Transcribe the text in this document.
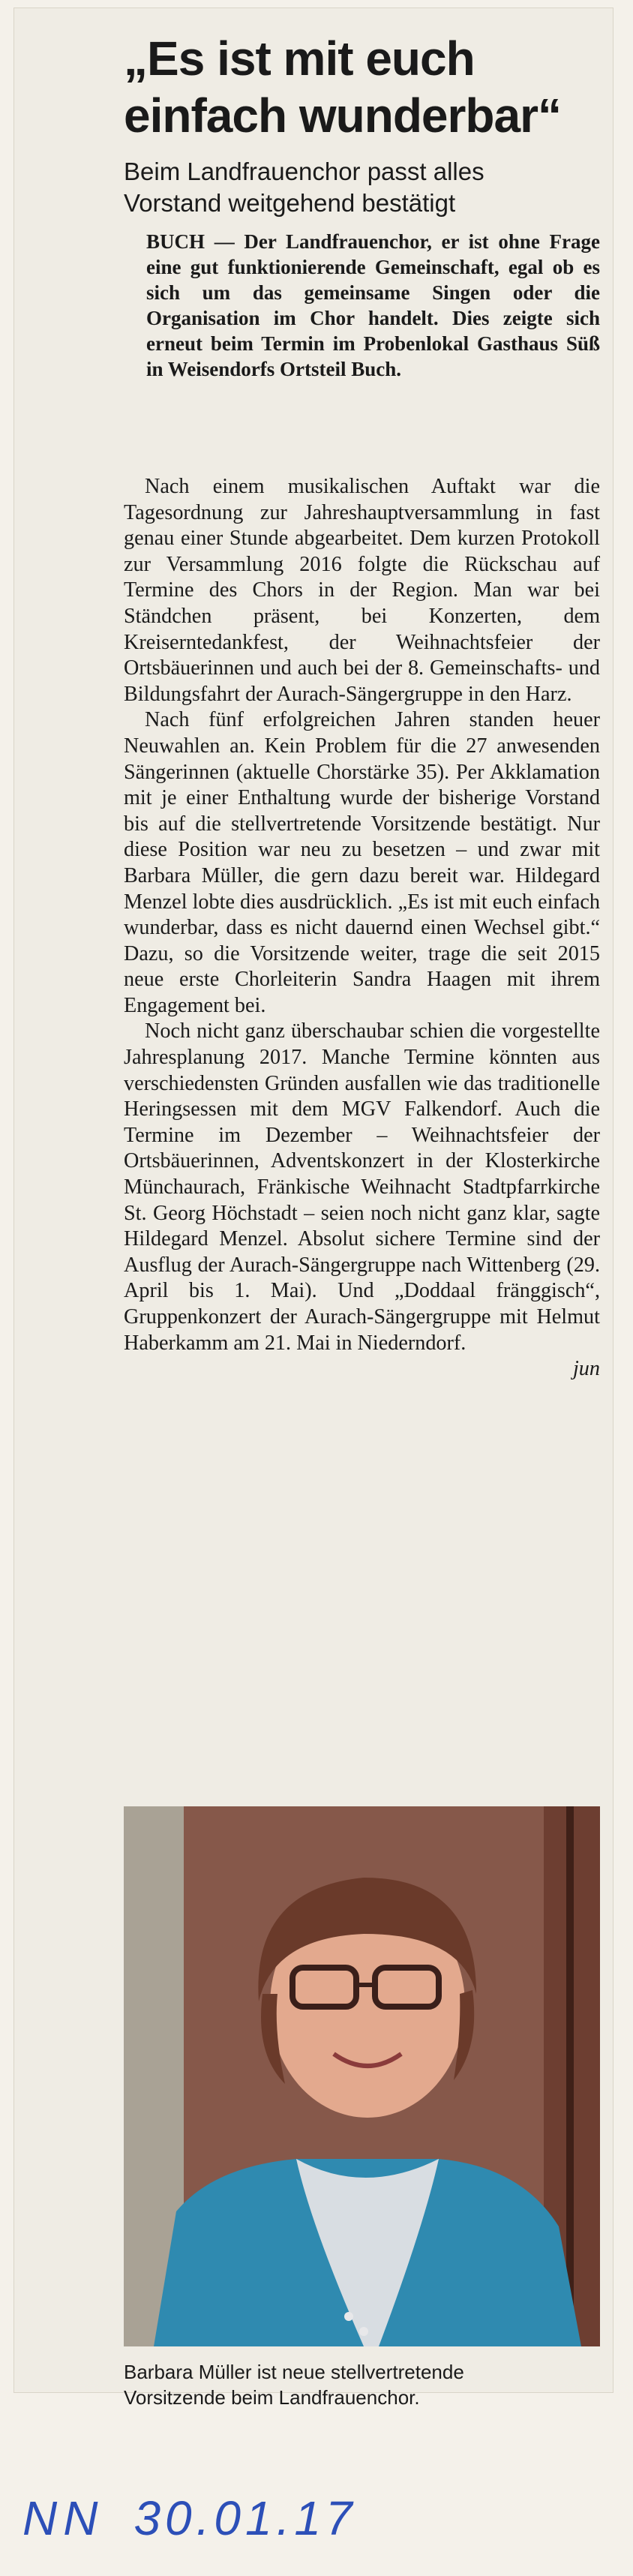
„Es ist mit euch
einfach wunderbar“
Beim Landfrauenchor passt alles
Vorstand weitgehend bestätigt
BUCH — Der Landfrauenchor, er ist ohne Frage eine gut funktionierende Gemeinschaft, egal ob es sich um das gemeinsame Singen oder die Organisation im Chor handelt. Dies zeigte sich erneut beim Termin im Probenlokal Gasthaus Süß in Weisendorfs Ortsteil Buch.

Nach einem musikalischen Auftakt war die Tagesordnung zur Jahreshauptversammlung in fast genau einer Stunde abgearbeitet. Dem kurzen Protokoll zur Versammlung 2016 folgte die Rückschau auf Termine des Chors in der Region. Man war bei Ständchen präsent, bei Konzerten, dem Kreiserntedankfest, der Weihnachtsfeier der Ortsbäuerinnen und auch bei der 8. Gemeinschafts- und Bildungsfahrt der Aurach-Sängergruppe in den Harz.

Nach fünf erfolgreichen Jahren standen heuer Neuwahlen an. Kein Problem für die 27 anwesenden Sängerinnen (aktuelle Chorstärke 35). Per Akklamation mit je einer Enthaltung wurde der bisherige Vorstand bis auf die stellvertretende Vorsitzende bestätigt. Nur diese Position war neu zu besetzen – und zwar mit Barbara Müller, die gern dazu bereit war. Hildegard Menzel lobte dies ausdrücklich. „Es ist mit euch einfach wunderbar, dass es nicht dauernd einen Wechsel gibt.“ Dazu, so die Vorsitzende weiter, trage die seit 2015 neue erste Chorleiterin Sandra Haagen mit ihrem Engagement bei.

Noch nicht ganz überschaubar schien die vorgestellte Jahresplanung 2017. Manche Termine könnten aus verschiedensten Gründen ausfallen wie das traditionelle Heringsessen mit dem MGV Falkendorf. Auch die Termine im Dezember – Weihnachtsfeier der Ortsbäuerinnen, Adventskonzert in der Klosterkirche Münchaurach, Fränkische Weihnacht Stadtpfarrkirche St. Georg Höchstadt – seien noch nicht ganz klar, sagte Hildegard Menzel. Absolut sichere Termine sind der Ausflug der Aurach-Sängergruppe nach Wittenberg (29. April bis 1. Mai). Und „Doddaal fränggisch“, Gruppenkonzert der Aurach-Sängergruppe mit Helmut Haberkamm am 21. Mai in Niederndorf.

jun
Barbara Müller ist neue stellvertretende
Vorsitzende beim Landfrauenchor.
NN 30.01.17
